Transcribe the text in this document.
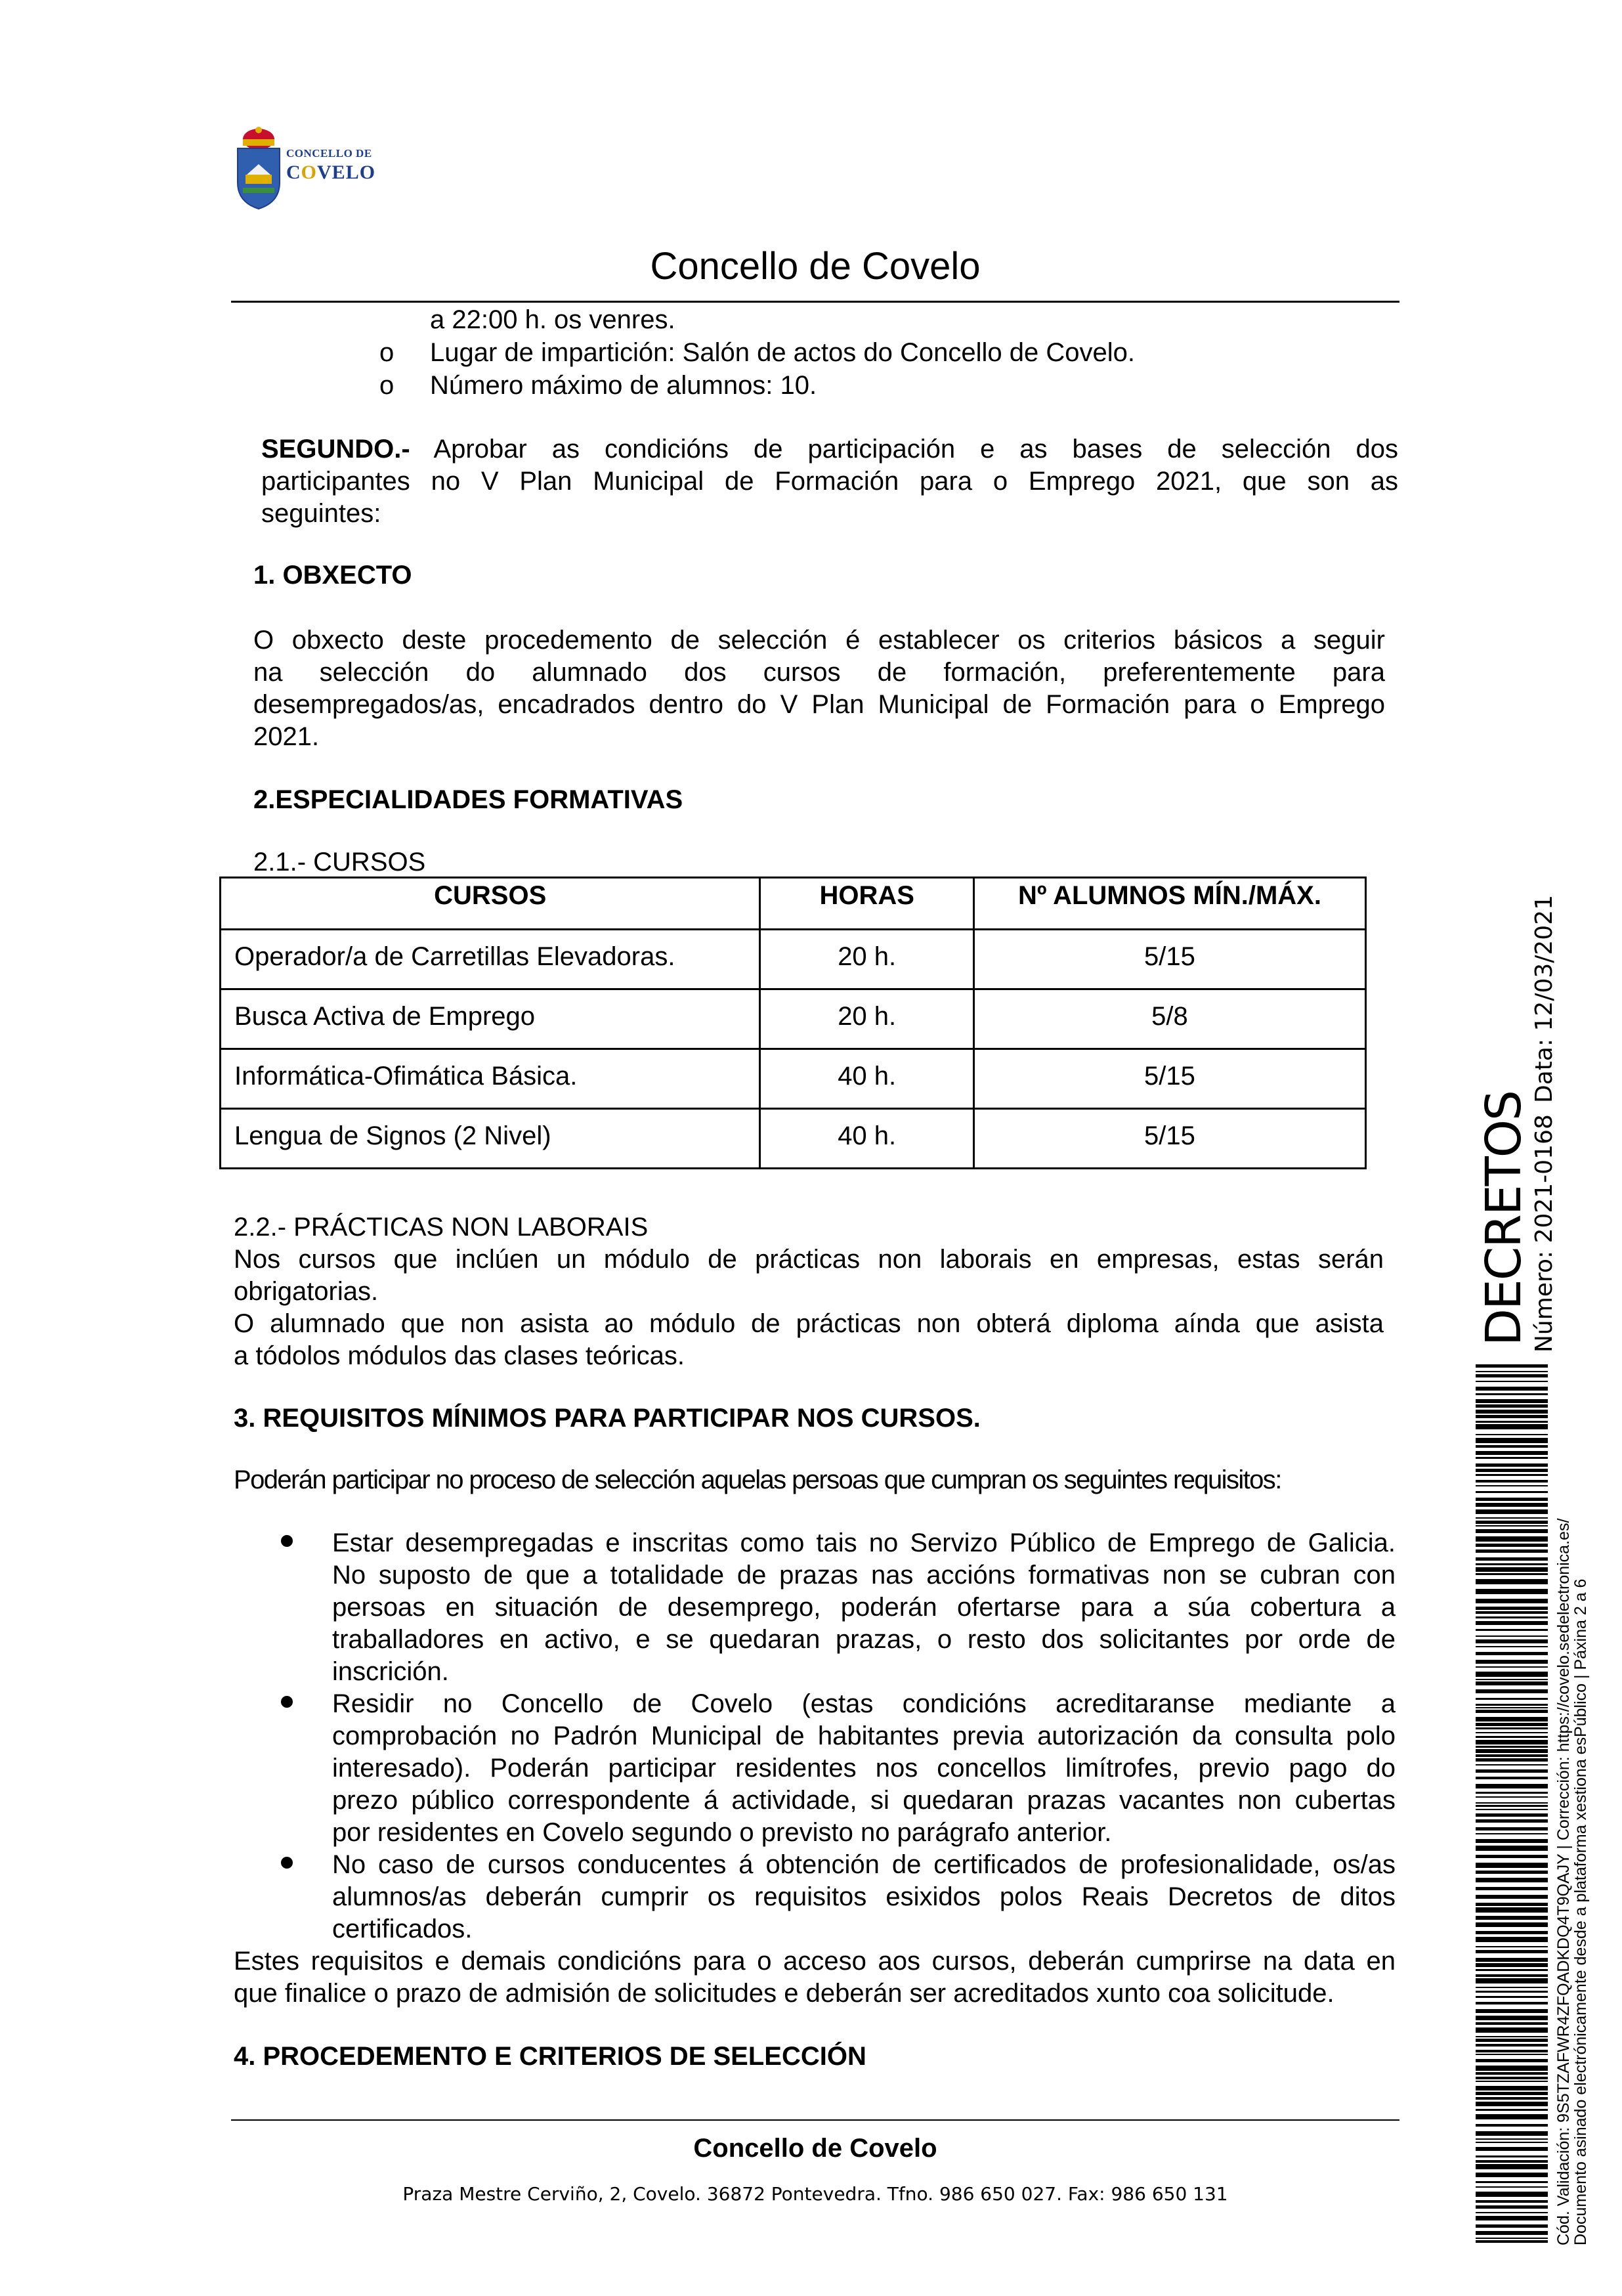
CONCELLO DE
COVELO
Concello de Covelo
a 22:00 h. os venres.
o Lugar de impartición: Salón de actos do Concello de Covelo.
o Número máximo de alumnos: 10.
SEGUNDO.- Aprobar as condicións de participación e as bases de selección dos
participantes no V Plan Municipal de Formación para o Emprego 2021, que son as
seguintes:
1. OBXECTO
O obxecto deste procedemento de selección é establecer os criterios básicos a seguir
na selección do alumnado dos cursos de formación, preferentemente para
desempregados/as, encadrados dentro do V Plan Municipal de Formación para o Emprego
2021.
2.ESPECIALIDADES FORMATIVAS
2.1.- CURSOS
CURSOS	HORAS	Nº ALUMNOS MÍN./MÁX.
Operador/a de Carretillas Elevadoras.	20 h.	5/15
Busca Activa de Emprego	20 h.	5/8
Informática-Ofimática Básica.	40 h.	5/15
Lengua de Signos (2 Nivel)	40 h.	5/15
2.2.- PRÁCTICAS NON LABORAIS
Nos cursos que inclúen un módulo de prácticas non laborais en empresas, estas serán
obrigatorias.
O alumnado que non asista ao módulo de prácticas non obterá diploma aínda que asista
a tódolos módulos das clases teóricas.
3. REQUISITOS MÍNIMOS PARA PARTICIPAR NOS CURSOS.
Poderán participar no proceso de selección aquelas persoas que cumpran os seguintes requisitos:
Estar desempregadas e inscritas como tais no Servizo Público de Emprego de Galicia.
No suposto de que a totalidade de prazas nas accións formativas non se cubran con
persoas en situación de desemprego, poderán ofertarse para a súa cobertura a
traballadores en activo, e se quedaran prazas, o resto dos solicitantes por orde de
inscrición.
Residir no Concello de Covelo (estas condicións acreditaranse mediante a
comprobación no Padrón Municipal de habitantes previa autorización da consulta polo
interesado). Poderán participar residentes nos concellos limítrofes, previo pago do
prezo público correspondente á actividade, si quedaran prazas vacantes non cubertas
por residentes en Covelo segundo o previsto no parágrafo anterior.
No caso de cursos conducentes á obtención de certificados de profesionalidade, os/as
alumnos/as deberán cumprir os requisitos esixidos polos Reais Decretos de ditos
certificados.
Estes requisitos e demais condicións para o acceso aos cursos, deberán cumprirse na data en
que finalice o prazo de admisión de solicitudes e deberán ser acreditados xunto coa solicitude.
4. PROCEDEMENTO E CRITERIOS DE SELECCIÓN
Concello de Covelo
Praza Mestre Cerviño, 2, Covelo. 36872 Pontevedra. Tfno. 986 650 027. Fax: 986 650 131
DECRETOS
Número: 2021-0168
Data: 12/03/2021
Cód. Validación: 9S5TZAFWR4ZFQADKDQ4T9QAJY | Corrección: https://covelo.sedelectronica.es/
Documento asinado electrónicamente desde a plataforma xestiona esPúblico | Páxina 2 a 6
